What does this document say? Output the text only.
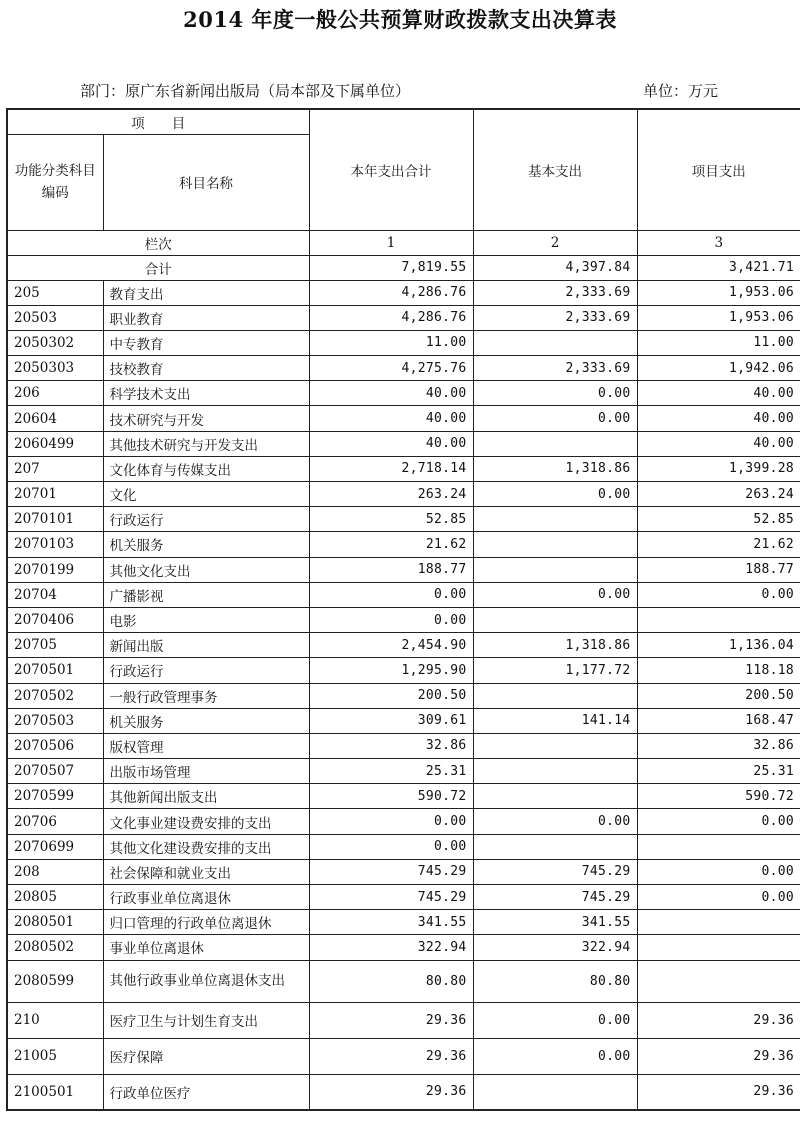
2014 年度一般公共预算财政拨款支出决算表
部门：原广东省新闻出版局（局本部及下属单位）	单位：万元
项　　目		本年支出合计	基本支出	项目支出
功能分类科目编码	科目名称			
栏次		1	2	3
合计		7,819.55	4,397.84	3,421.71
205	教育支出	4,286.76	2,333.69	1,953.06
20503	职业教育	4,286.76	2,333.69	1,953.06
2050302	中专教育	11.00		11.00
2050303	技校教育	4,275.76	2,333.69	1,942.06
206	科学技术支出	40.00	0.00	40.00
20604	技术研究与开发	40.00	0.00	40.00
2060499	其他技术研究与开发支出	40.00		40.00
207	文化体育与传媒支出	2,718.14	1,318.86	1,399.28
20701	文化	263.24	0.00	263.24
2070101	行政运行	52.85		52.85
2070103	机关服务	21.62		21.62
2070199	其他文化支出	188.77		188.77
20704	广播影视	0.00	0.00	0.00
2070406	电影	0.00		
20705	新闻出版	2,454.90	1,318.86	1,136.04
2070501	行政运行	1,295.90	1,177.72	118.18
2070502	一般行政管理事务	200.50		200.50
2070503	机关服务	309.61	141.14	168.47
2070506	版权管理	32.86		32.86
2070507	出版市场管理	25.31		25.31
2070599	其他新闻出版支出	590.72		590.72
20706	文化事业建设费安排的支出	0.00	0.00	0.00
2070699	其他文化建设费安排的支出	0.00		
208	社会保障和就业支出	745.29	745.29	0.00
20805	行政事业单位离退休	745.29	745.29	0.00
2080501	归口管理的行政单位离退休	341.55	341.55	
2080502	事业单位离退休	322.94	322.94	
2080599	其他行政事业单位离退休支出	80.80	80.80	
210	医疗卫生与计划生育支出	29.36	0.00	29.36
21005	医疗保障	29.36	0.00	29.36
2100501	行政单位医疗	29.36		29.36
